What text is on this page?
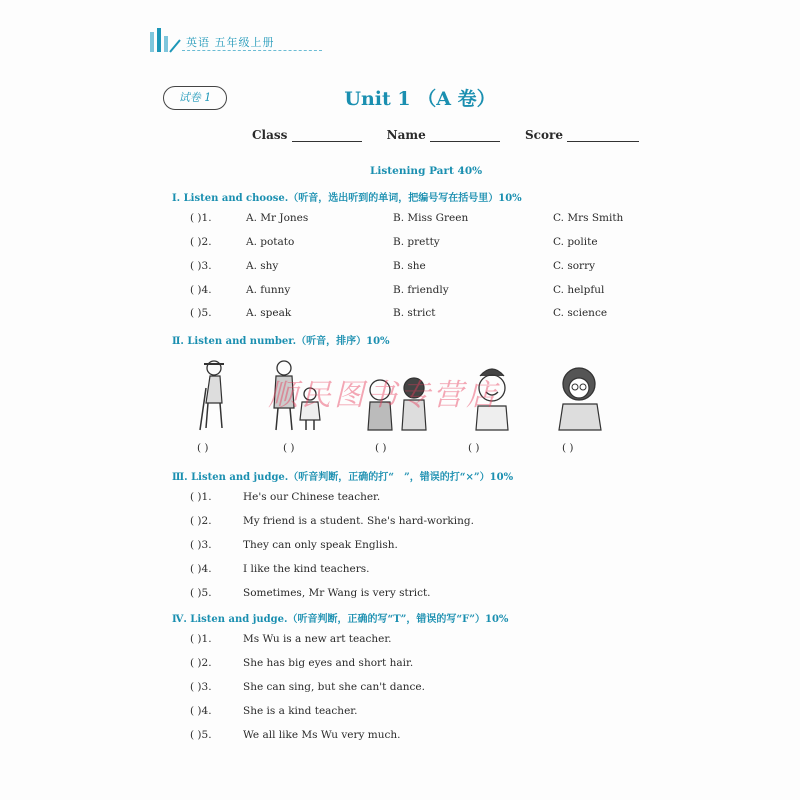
英语 五年级上册
试卷 1	Unit 1 （A 卷）
Class	Name	Score
Listening Part 40%
Ⅰ. Listen and choose.（听音，选出听到的单词，把编号写在括号里）10%
( )1.	A. Mr Jones	B. Miss Green	C. Mrs Smith
( )2.	A. potato	B. pretty	C. polite
( )3.	A. shy	B. she	C. sorry
( )4.	A. funny	B. friendly	C. helpful
( )5.	A. speak	B. strict	C. science
Ⅱ. Listen and number.（听音，排序）10%
( )	( )	( )	( )	( )
Ⅲ. Listen and judge.（听音判断，正确的打“　”，错误的打“×”）10%
( )1.	He's our Chinese teacher.
( )2.	My friend is a student. She's hard-working.
( )3.	They can only speak English.
( )4.	I like the kind teachers.
( )5.	Sometimes, Mr Wang is very strict.
Ⅳ. Listen and judge.（听音判断，正确的写“T”，错误的写“F”）10%
( )1.	Ms Wu is a new art teacher.
( )2.	She has big eyes and short hair.
( )3.	She can sing, but she can't dance.
( )4.	She is a kind teacher.
( )5.	We all like Ms Wu very much.
顺民图书专营店
